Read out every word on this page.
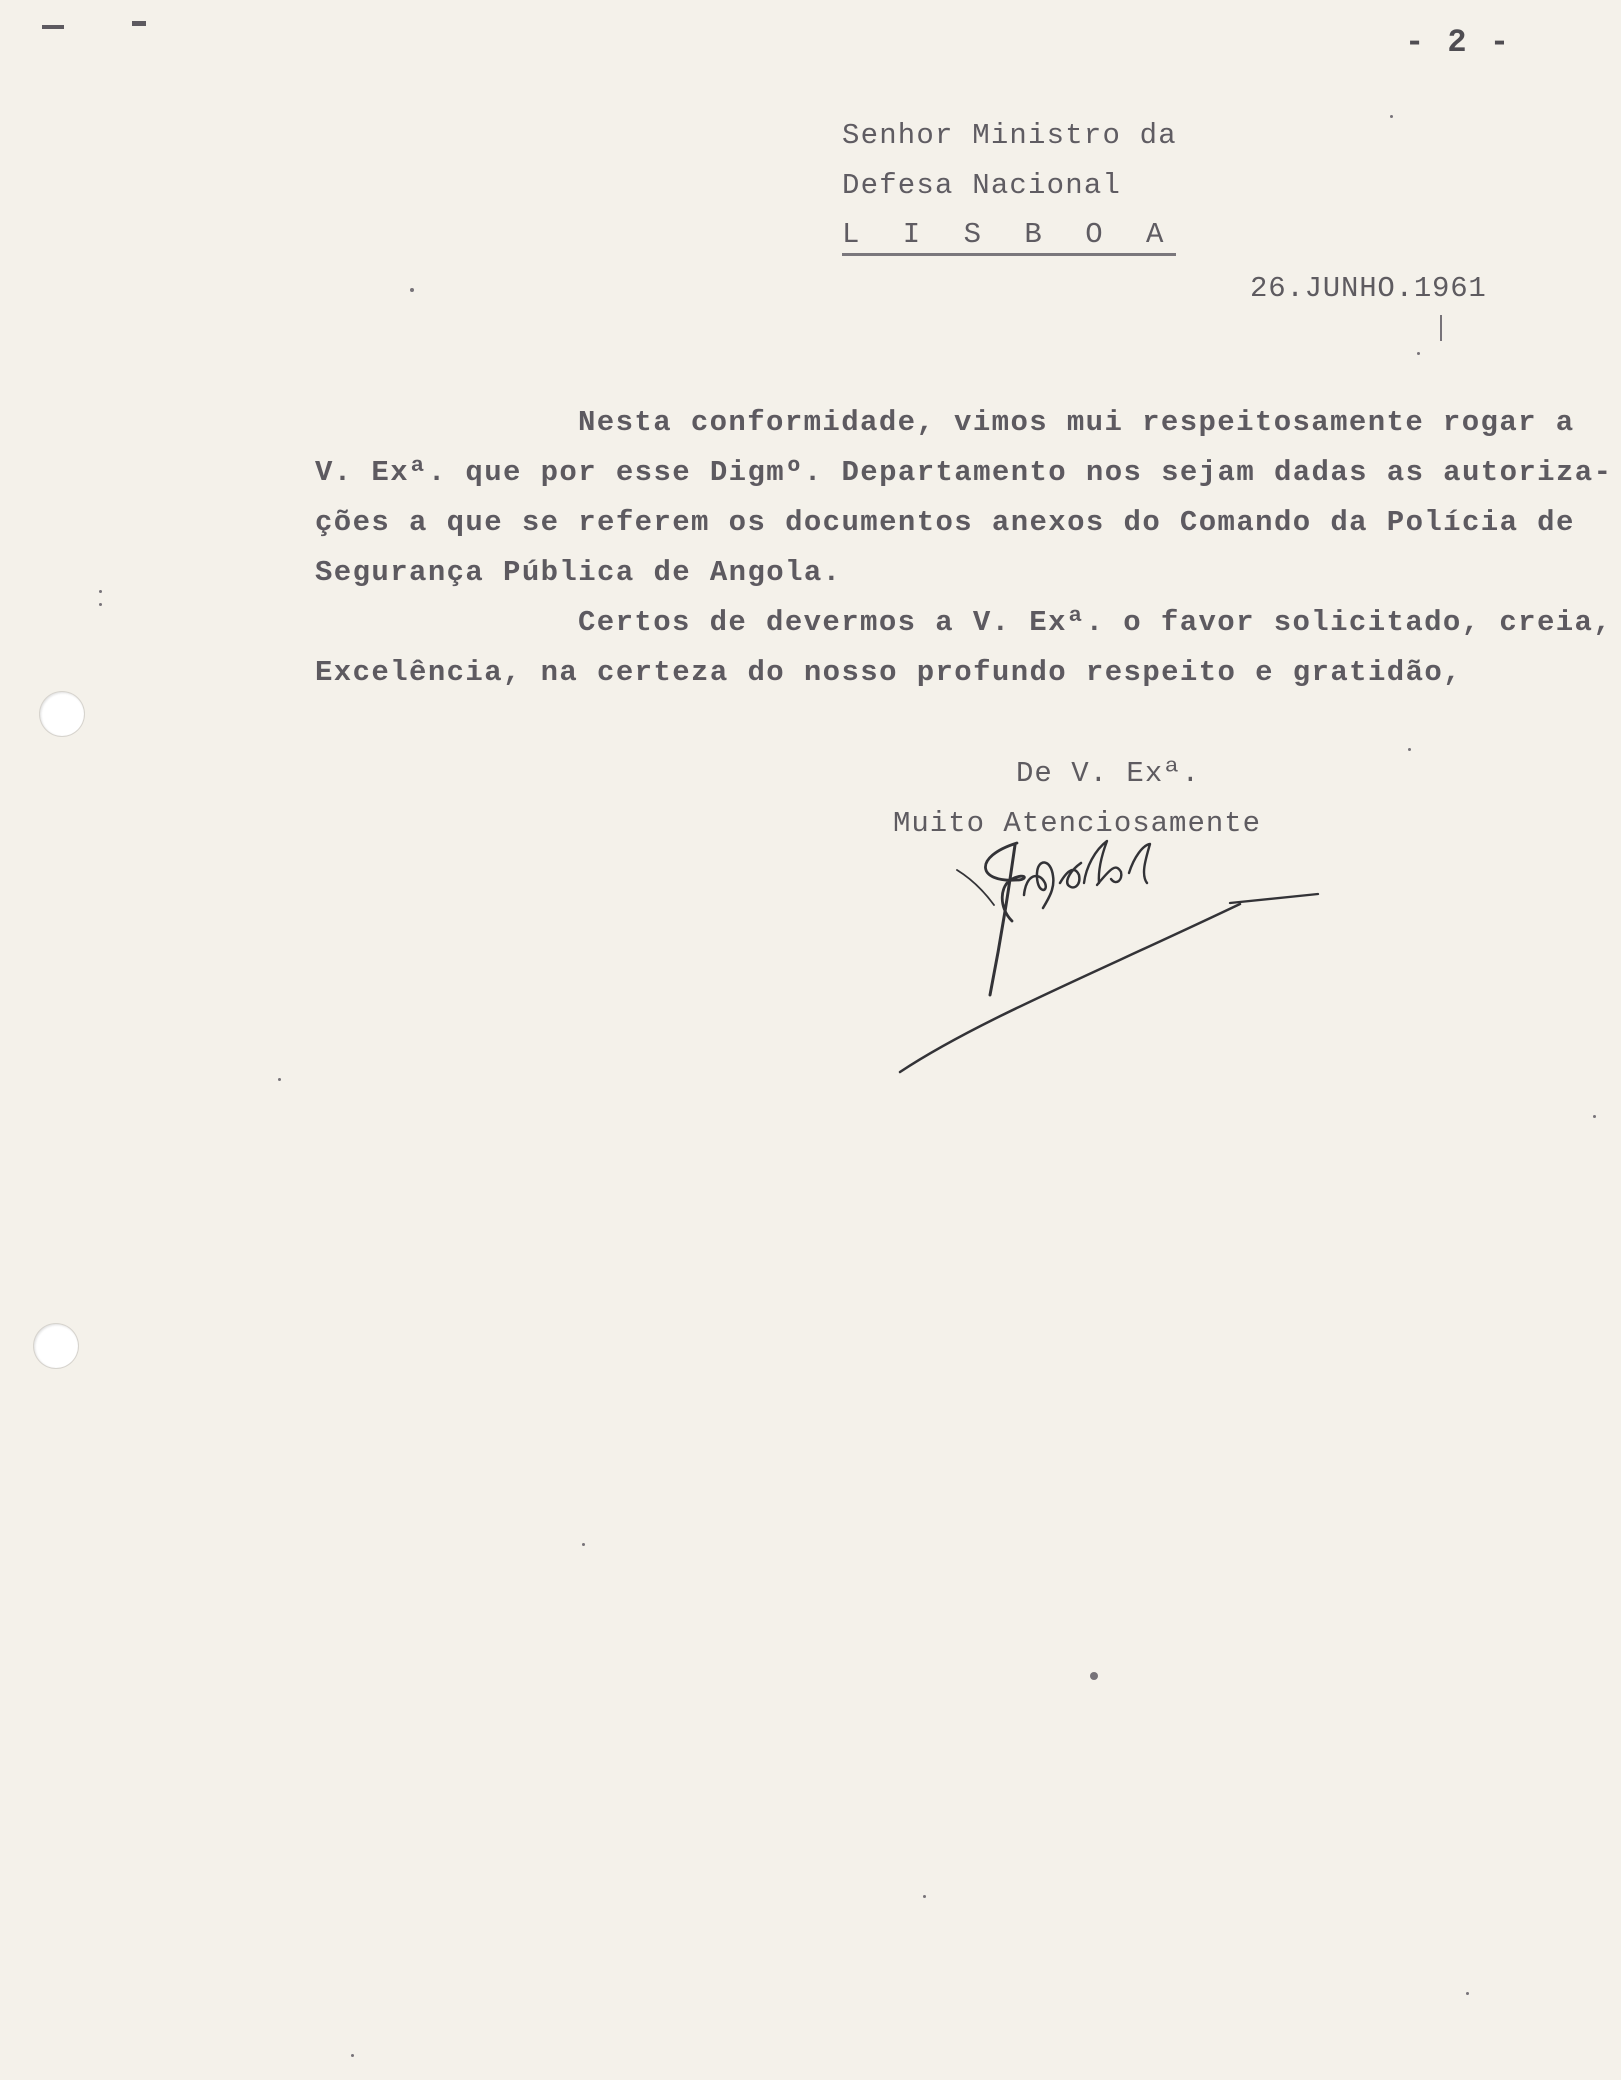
- 2 -
Senhor Ministro da
Defesa Nacional
L I S B O A
26.JUNHO.1961
Nesta conformidade, vimos mui respeitosamente rogar a
V. Exª. que por esse Digmº. Departamento nos sejam dadas as autoriza-
ções a que se referem os documentos anexos do Comando da Polícia de
Segurança Pública de Angola.
Certos de devermos a V. Exª. o favor solicitado, creia,
Excelência, na certeza do nosso profundo respeito e gratidão,
De V. Exª.
Muito Atenciosamente
